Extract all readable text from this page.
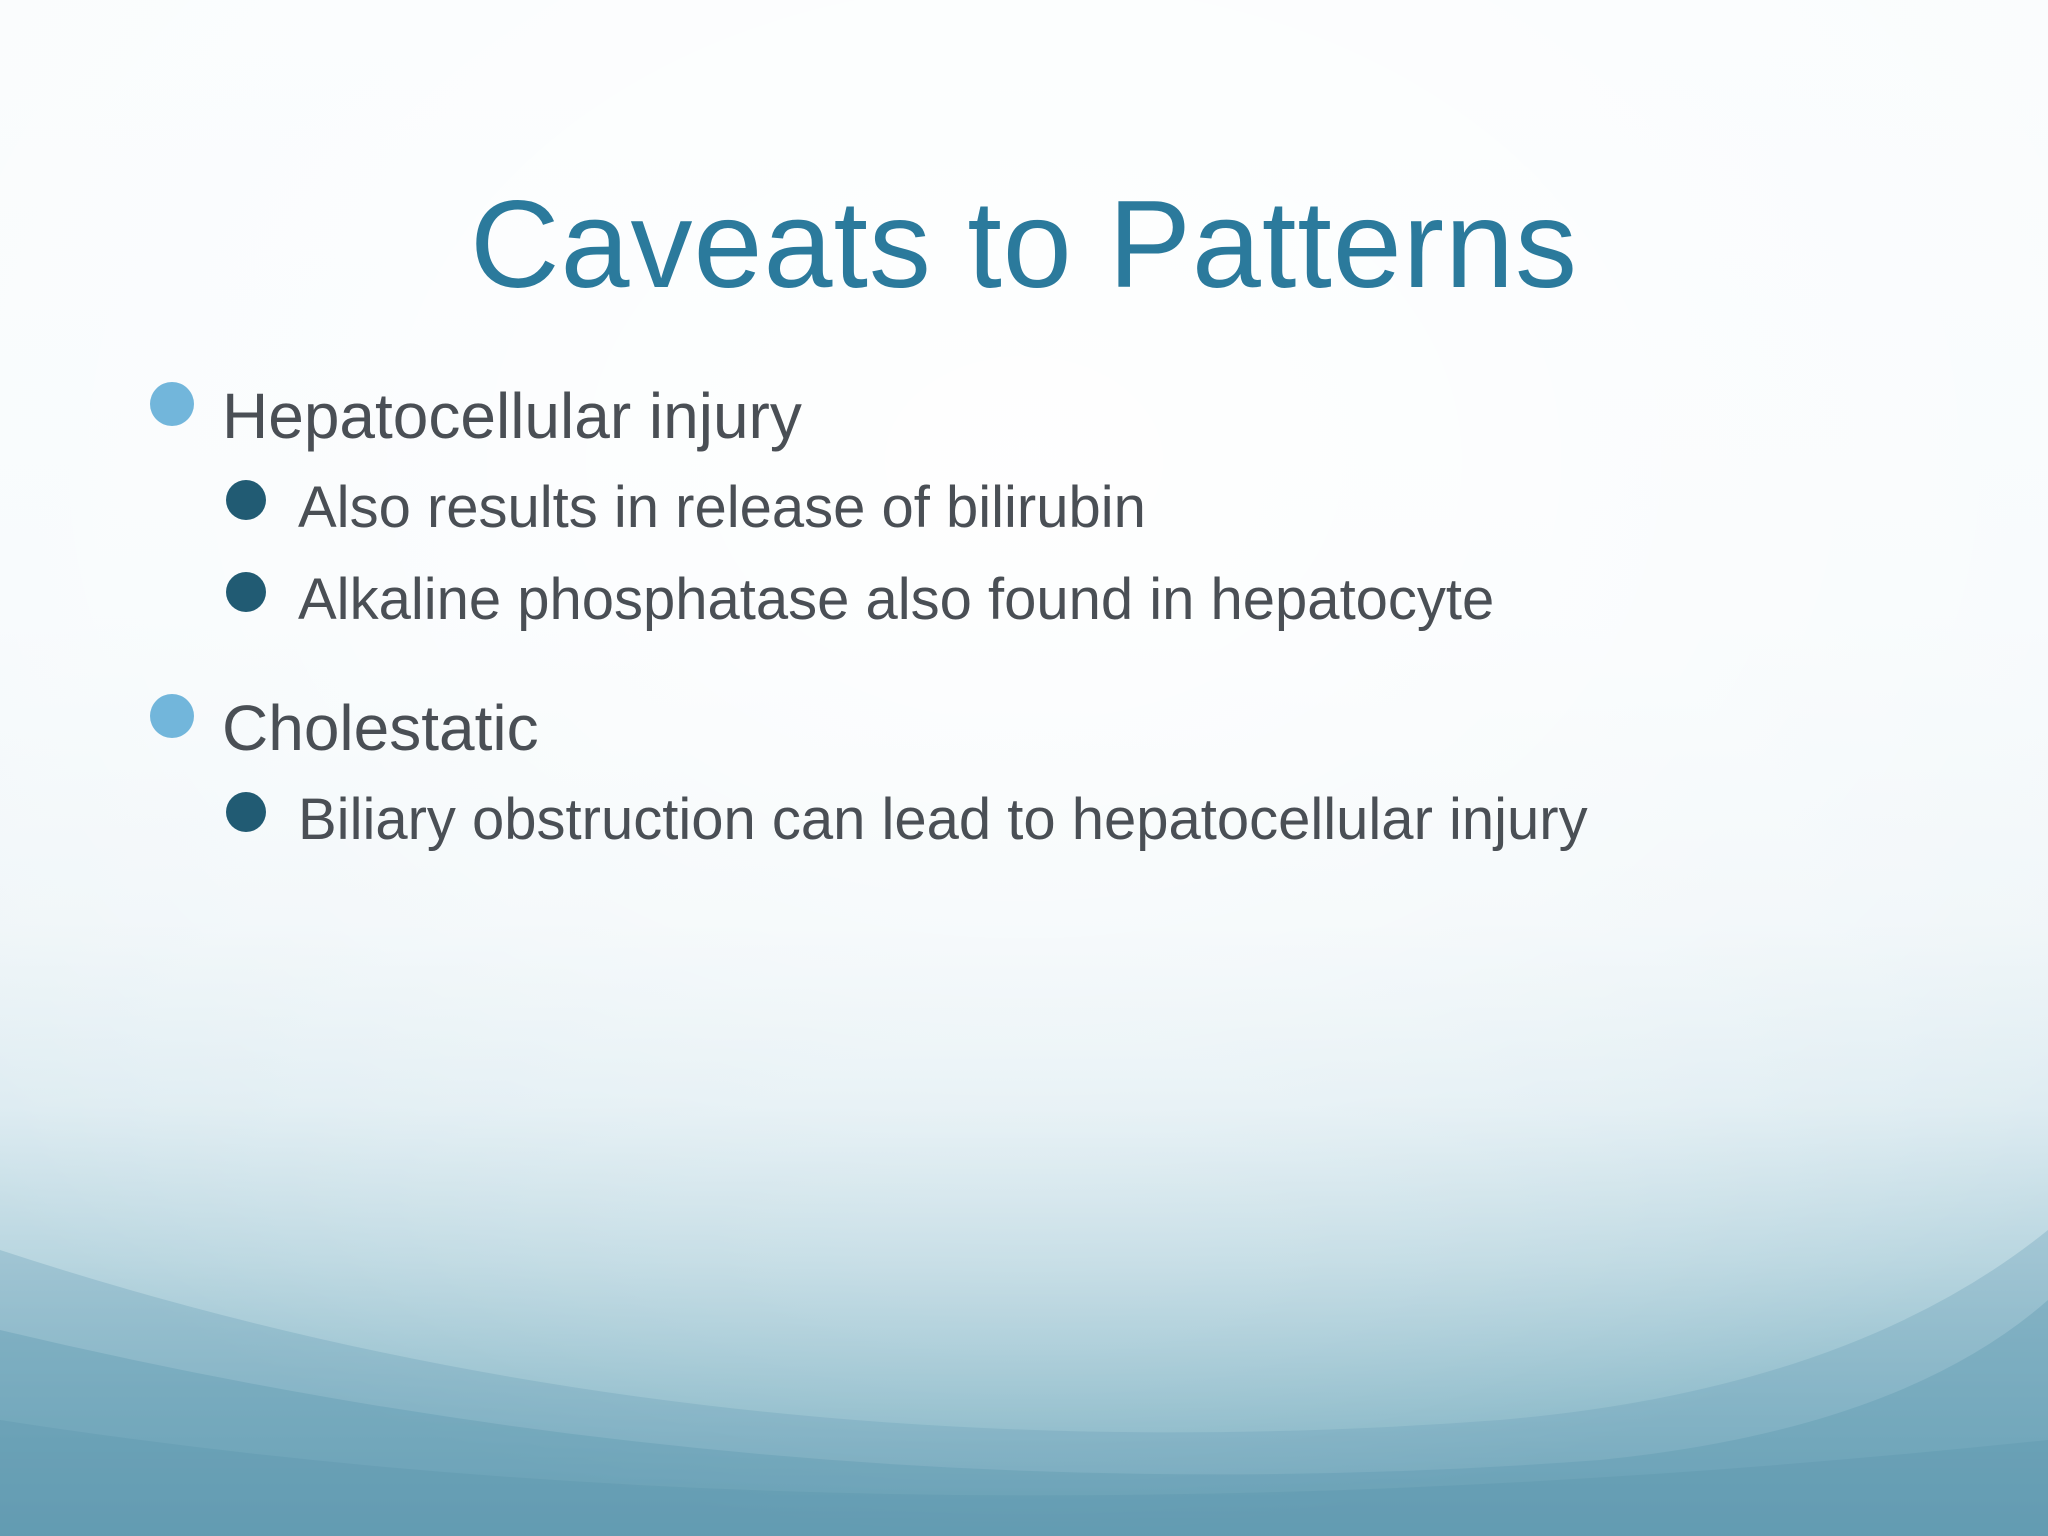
Caveats to Patterns
Hepatocellular injury
Also results in release of bilirubin
Alkaline phosphatase also found in hepatocyte
Cholestatic
Biliary obstruction can lead to hepatocellular injury
